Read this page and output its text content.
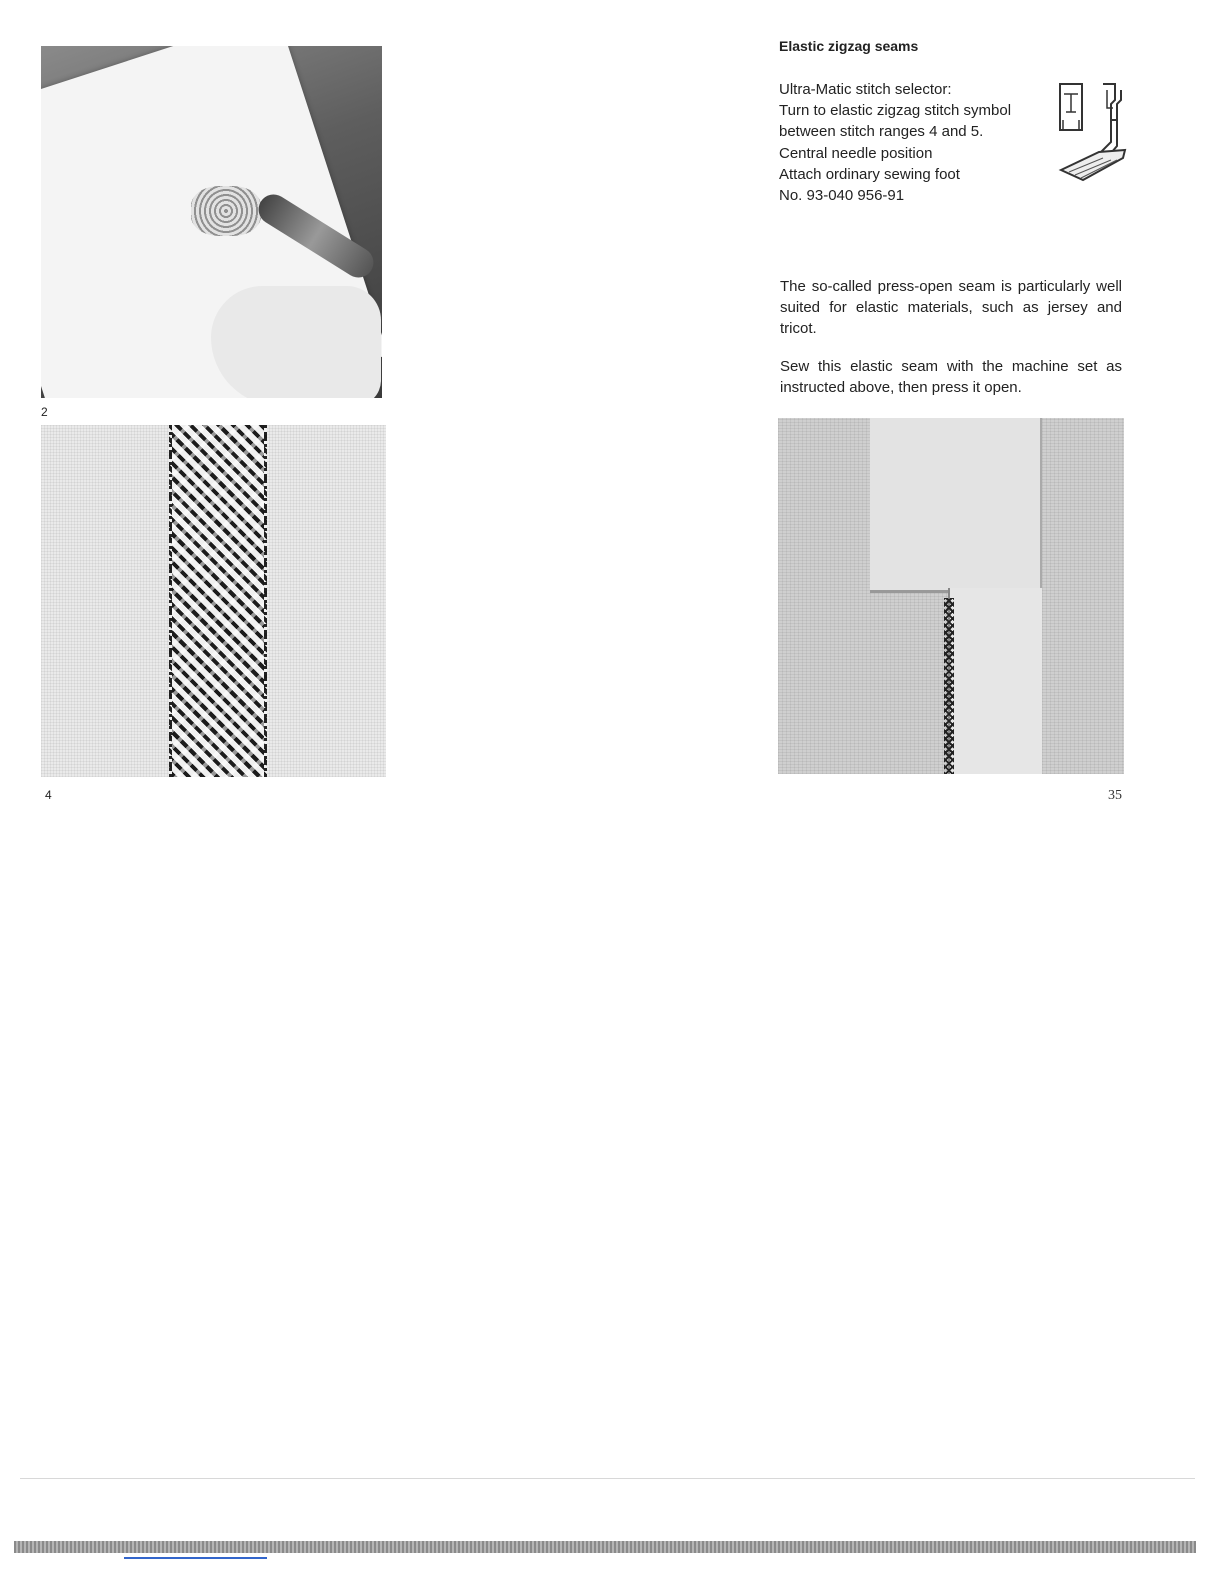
2
4
Elastic zigzag seams
Ultra-Matic stitch selector:
Turn to elastic zigzag stitch symbol
between stitch ranges 4 and 5.
Central needle position
Attach ordinary sewing foot
No. 93-040 956-91

The so-called press-open seam is particularly well suited for elastic materials, such as jersey and tricot.

Sew this elastic seam with the machine set as instructed above, then press it open.

35
